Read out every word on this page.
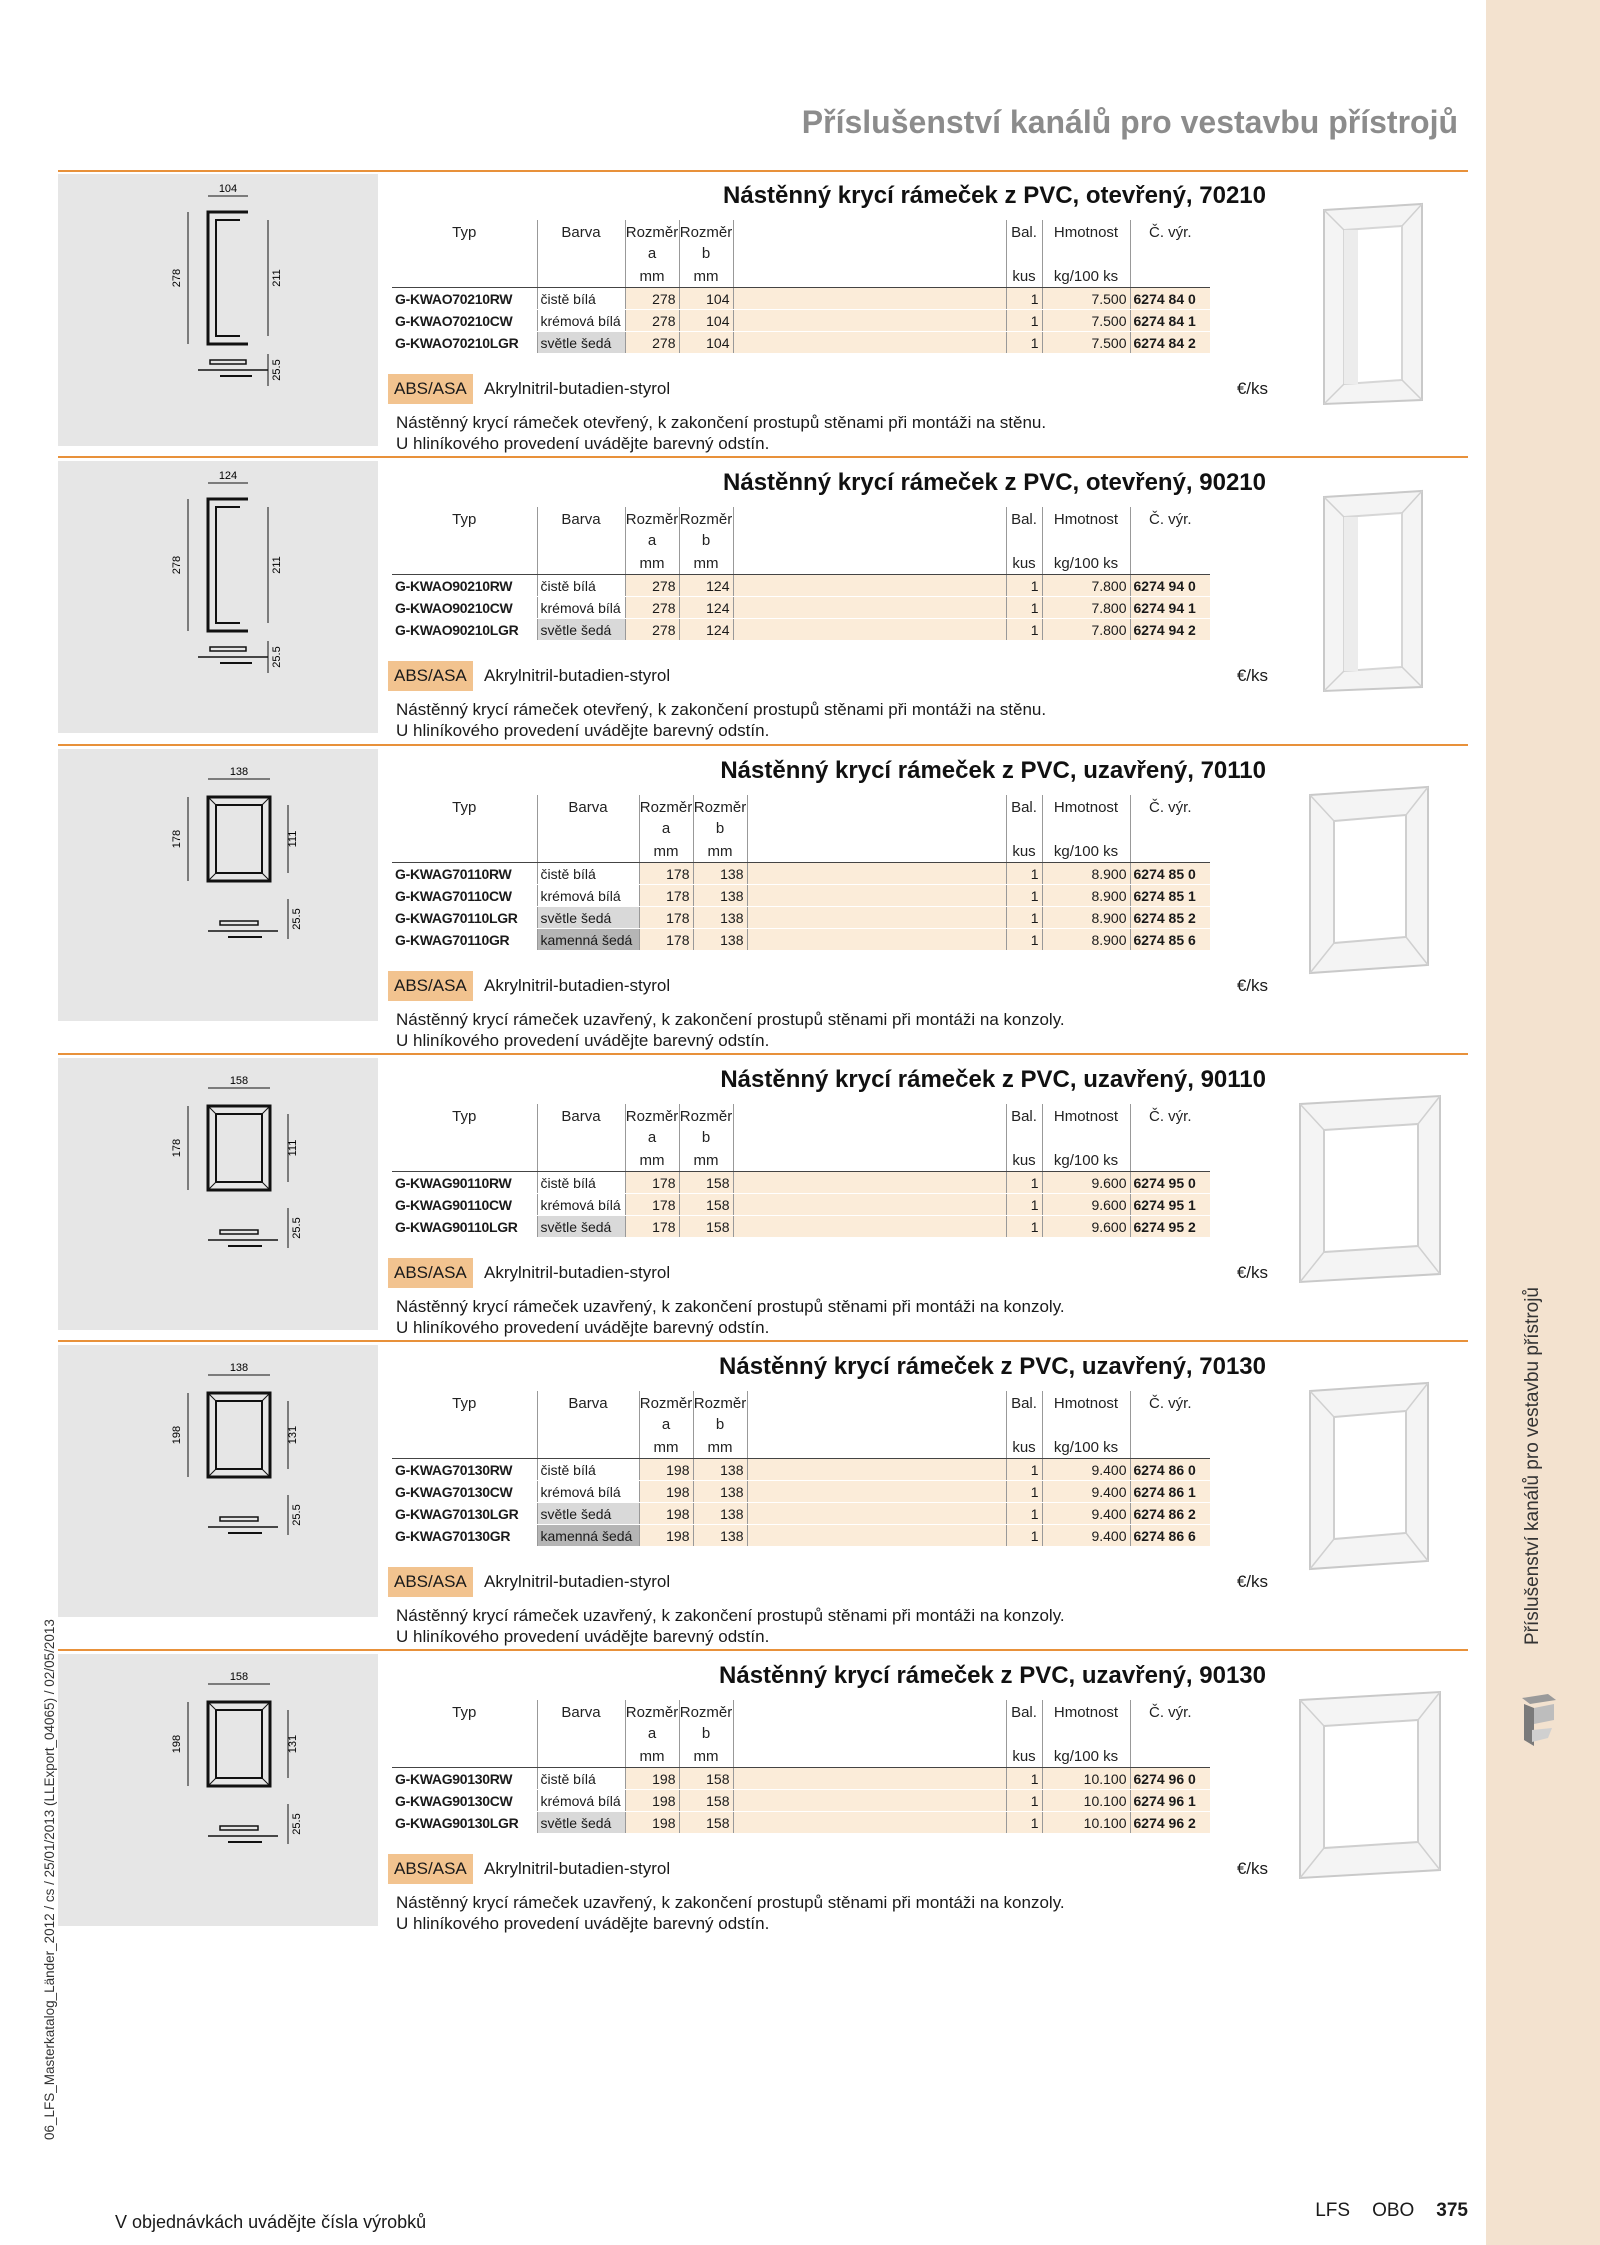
Příslušenství kanálů pro vestavbu přístrojů
06_LFS_Masterkatalog_Länder_2012 / cs / 25/01/2013 (LLExport_04065) / 02/05/2013
Příslušenství kanálů pro vestavbu přístrojů
104
278	211
25.5
Nástěnný krycí rámeček z PVC, otevřený, 70210
Typ	Barva	Rozměr a	Rozměr b		Bal.	Hmotnost	Č. výr.
		mm	mm		kus	kg/100 ks	
G-KWAO70210RW	čistě bílá	278	104		1	7.500	6274 84 0
G-KWAO70210CW	krémová bílá	278	104		1	7.500	6274 84 1
G-KWAO70210LGR	světle šedá	278	104		1	7.500	6274 84 2
ABS/ASA	Akrylnitril-butadien-styrol	€/ks
Nástěnný krycí rámeček otevřený, k zakončení prostupů stěnami při montáži na stěnu.
U hliníkového provedení uvádějte barevný odstín.
124
278	211
25.5
Nástěnný krycí rámeček z PVC, otevřený, 90210
Typ	Barva	Rozměr a	Rozměr b		Bal.	Hmotnost	Č. výr.
		mm	mm		kus	kg/100 ks	
G-KWAO90210RW	čistě bílá	278	124		1	7.800	6274 94 0
G-KWAO90210CW	krémová bílá	278	124		1	7.800	6274 94 1
G-KWAO90210LGR	světle šedá	278	124		1	7.800	6274 94 2
ABS/ASA	Akrylnitril-butadien-styrol	€/ks
Nástěnný krycí rámeček otevřený, k zakončení prostupů stěnami při montáži na stěnu.
U hliníkového provedení uvádějte barevný odstín.
138
178	111
25.5
Nástěnný krycí rámeček z PVC, uzavřený, 70110
Typ	Barva	Rozměr a	Rozměr b		Bal.	Hmotnost	Č. výr.
		mm	mm		kus	kg/100 ks	
G-KWAG70110RW	čistě bílá	178	138		1	8.900	6274 85 0
G-KWAG70110CW	krémová bílá	178	138		1	8.900	6274 85 1
G-KWAG70110LGR	světle šedá	178	138		1	8.900	6274 85 2
G-KWAG70110GR	kamenná šedá	178	138		1	8.900	6274 85 6
ABS/ASA	Akrylnitril-butadien-styrol	€/ks
Nástěnný krycí rámeček uzavřený, k zakončení prostupů stěnami při montáži na konzoly.
U hliníkového provedení uvádějte barevný odstín.
158
178	111
25.5
Nástěnný krycí rámeček z PVC, uzavřený, 90110
Typ	Barva	Rozměr a	Rozměr b		Bal.	Hmotnost	Č. výr.
		mm	mm		kus	kg/100 ks	
G-KWAG90110RW	čistě bílá	178	158		1	9.600	6274 95 0
G-KWAG90110CW	krémová bílá	178	158		1	9.600	6274 95 1
G-KWAG90110LGR	světle šedá	178	158		1	9.600	6274 95 2
ABS/ASA	Akrylnitril-butadien-styrol	€/ks
Nástěnný krycí rámeček uzavřený, k zakončení prostupů stěnami při montáži na konzoly.
U hliníkového provedení uvádějte barevný odstín.
138
198	131
25.5
Nástěnný krycí rámeček z PVC, uzavřený, 70130
Typ	Barva	Rozměr a	Rozměr b		Bal.	Hmotnost	Č. výr.
		mm	mm		kus	kg/100 ks	
G-KWAG70130RW	čistě bílá	198	138		1	9.400	6274 86 0
G-KWAG70130CW	krémová bílá	198	138		1	9.400	6274 86 1
G-KWAG70130LGR	světle šedá	198	138		1	9.400	6274 86 2
G-KWAG70130GR	kamenná šedá	198	138		1	9.400	6274 86 6
ABS/ASA	Akrylnitril-butadien-styrol	€/ks
Nástěnný krycí rámeček uzavřený, k zakončení prostupů stěnami při montáži na konzoly.
U hliníkového provedení uvádějte barevný odstín.
158
198	131
25.5
Nástěnný krycí rámeček z PVC, uzavřený, 90130
Typ	Barva	Rozměr a	Rozměr b		Bal.	Hmotnost	Č. výr.
		mm	mm		kus	kg/100 ks	
G-KWAG90130RW	čistě bílá	198	158		1	10.100	6274 96 0
G-KWAG90130CW	krémová bílá	198	158		1	10.100	6274 96 1
G-KWAG90130LGR	světle šedá	198	158		1	10.100	6274 96 2
ABS/ASA	Akrylnitril-butadien-styrol	€/ks
Nástěnný krycí rámeček uzavřený, k zakončení prostupů stěnami při montáži na konzoly.
U hliníkového provedení uvádějte barevný odstín.
V objednávkách uvádějte čísla výrobků
LFS OBO 375
